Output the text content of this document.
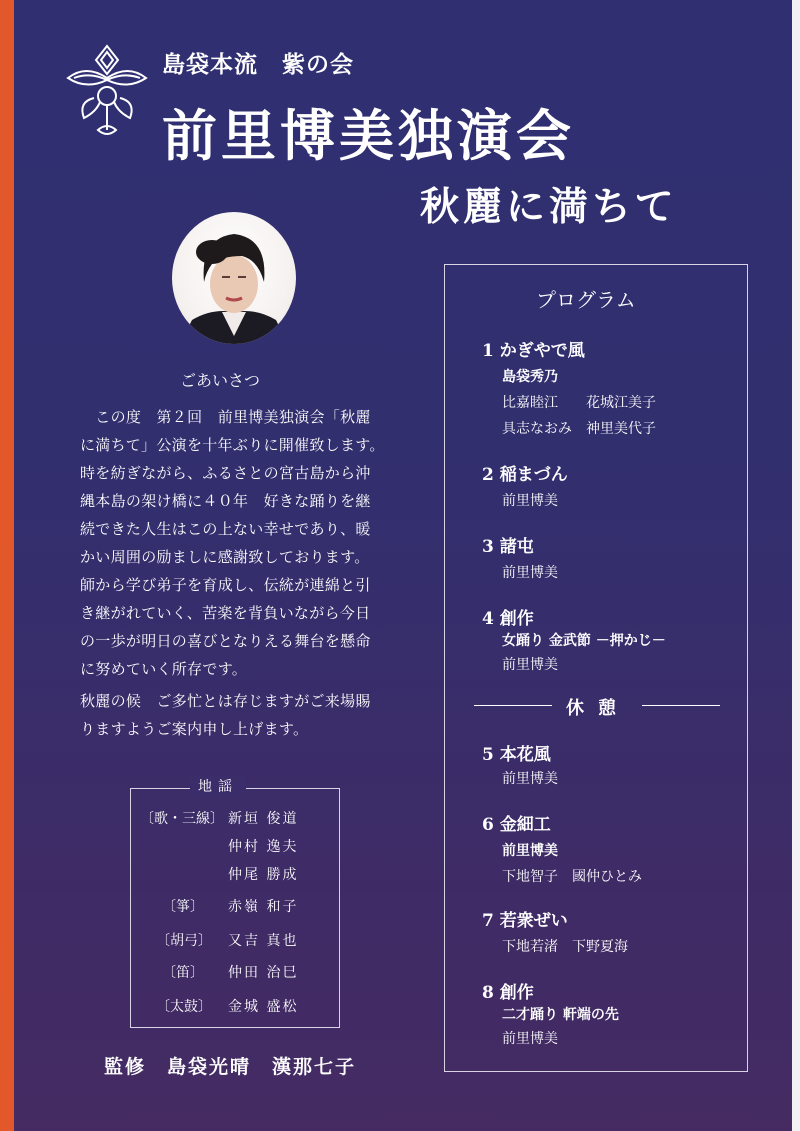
島袋本流　紫の会
前里博美独演会
秋麗に満ちて
ごあいさつ
　この度　第２回　前里博美独演会「秋麗
に満ちて」公演を十年ぶりに開催致します。
時を紡ぎながら、ふるさとの宮古島から沖
縄本島の架け橋に４０年　好きな踊りを継
続できた人生はこの上ない幸せであり、暖
かい周囲の励ましに感謝致しております。
師から学び弟子を育成し、伝統が連綿と引
き継がれていく、苦楽を背負いながら今日
の一歩が明日の喜びとなりえる舞台を懸命
に努めていく所存です。
秋麗の候　ご多忙とは存じますがご来場賜
りますようご案内申し上げます。
地謡
〔歌・三線〕 新垣 俊道
仲村 逸夫
仲尾 勝成
〔箏〕 赤嶺 和子
〔胡弓〕 又吉 真也
〔笛〕 仲田 治巳
〔太鼓〕 金城 盛松
監修　島袋光晴　漢那七子
プログラム
1 かぎやで風
島袋秀乃
比嘉睦江　　花城江美子
具志なおみ　神里美代子
2 稲まづん
前里博美
3 諸屯
前里博美
4 創作
女踊り 金武節 －押かじ－
前里博美
休憩
5 本花風
前里博美
6 金細工
前里博美
下地智子　國仲ひとみ
7 若衆ぜい
下地若渚　下野夏海
8 創作
二才踊り 軒端の先
前里博美
